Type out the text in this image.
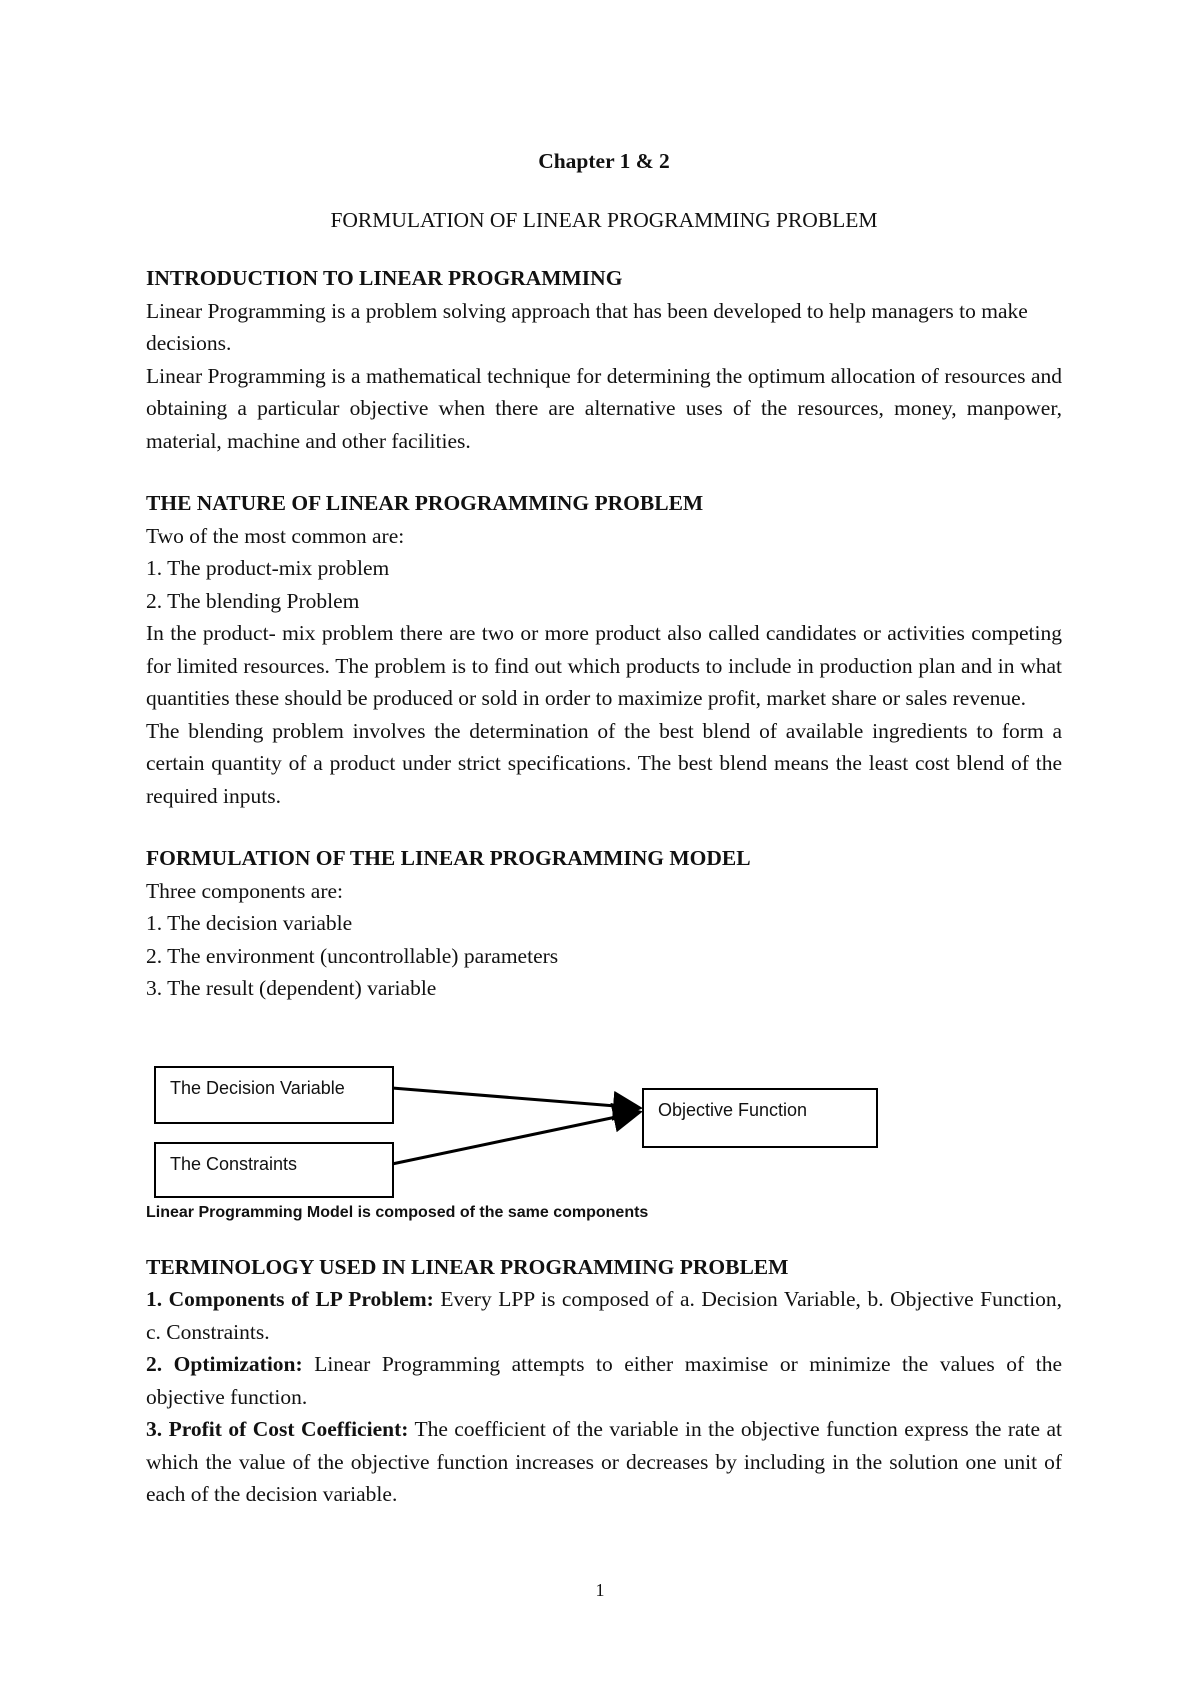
Chapter 1 & 2

FORMULATION OF LINEAR PROGRAMMING PROBLEM

INTRODUCTION TO LINEAR PROGRAMMING

Linear Programming is a problem solving approach that has been developed to help managers to make decisions.

Linear Programming is a mathematical technique for determining the optimum allocation of resources and obtaining a particular objective when there are alternative uses of the resources, money, manpower, material, machine and other facilities.

THE NATURE OF LINEAR PROGRAMMING PROBLEM

Two of the most common are:

1. The product-mix problem

2. The blending Problem

In the product- mix problem there are two or more product also called candidates or activities competing for limited resources. The problem is to find out which products to include in production plan and in what quantities these should be produced or sold in order to maximize profit, market share or sales revenue.

The blending problem involves the determination of the best blend of available ingredients to form a certain quantity of a product under strict specifications. The best blend means the least cost blend of the required inputs.

FORMULATION OF THE LINEAR PROGRAMMING MODEL

Three components are:

1. The decision variable

2. The environment (uncontrollable) parameters

3. The result (dependent) variable

TERMINOLOGY USED IN LINEAR PROGRAMMING PROBLEM

1. Components of LP Problem: Every LPP is composed of a. Decision Variable, b. Objective Function, c. Constraints.

2. Optimization: Linear Programming attempts to either maximise or minimize the values of the objective function.

3. Profit of Cost Coefficient: The coefficient of the variable in the objective function express the rate at which the value of the objective function increases or decreases by including in the solution one unit of each of the decision variable.

The Decision Variable
The Constraints
Objective Function
Linear Programming Model is composed of the same components
1
